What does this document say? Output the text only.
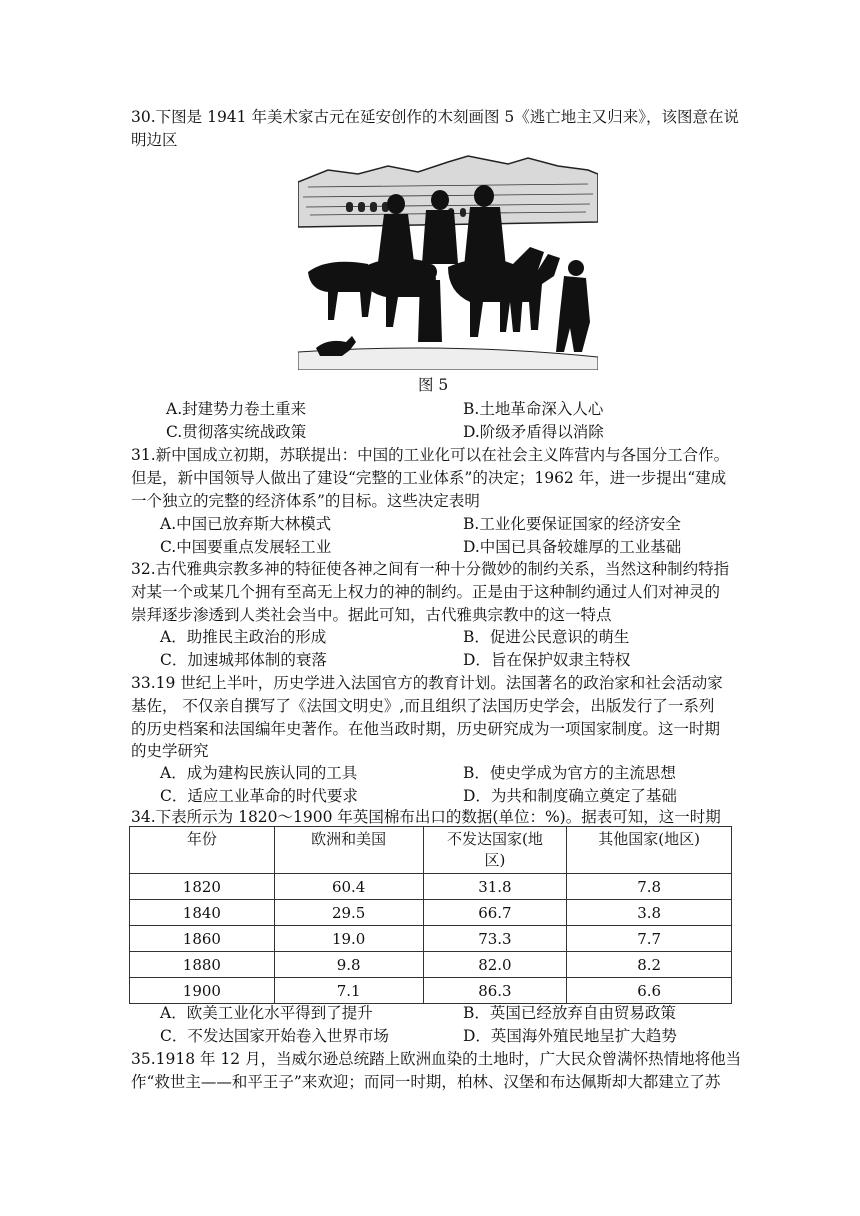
30.下图是 1941 年美术家古元在延安创作的木刻画图 5《逃亡地主又归来》，该图意在说
明边区
图 5
A.封建势力卷土重来	B.土地革命深入人心
C.贯彻落实统战政策	D.阶级矛盾得以消除
31.新中国成立初期，苏联提出：中国的工业化可以在社会主义阵营内与各国分工合作。
但是，新中国领导人做出了建设“完整的工业体系”的决定；1962 年，进一步提出“建成
一个独立的完整的经济体系”的目标。这些决定表明
A.中国已放弃斯大林模式	B.工业化要保证国家的经济安全
C.中国要重点发展轻工业	D.中国已具备较雄厚的工业基础
32.古代雅典宗教多神的特征使各神之间有一种十分微妙的制约关系，当然这种制约特指
对某一个或某几个拥有至高无上权力的神的制约。正是由于这种制约通过人们对神灵的
崇拜逐步渗透到人类社会当中。据此可知，古代雅典宗教中的这一特点
A．助推民主政治的形成	B．促进公民意识的萌生
C．加速城邦体制的衰落	D．旨在保护奴隶主特权
33.19 世纪上半叶，历史学进入法国官方的教育计划。法国著名的政治家和社会活动家
基佐， 不仅亲自撰写了《法国文明史》,而且组织了法国历史学会，出版发行了一系列
的历史档案和法国编年史著作。在他当政时期，历史研究成为一项国家制度。这一时期
的史学研究
A．成为建构民族认同的工具	B．使史学成为官方的主流思想
C．适应工业革命的时代要求	D．为共和制度确立奠定了基础
34.下表所示为 1820～1900 年英国棉布出口的数据(单位：%)。据表可知，这一时期
年份	欧洲和美国	不发达国家(地
区)	其他国家(地区)
1820	60.4	31.8	7.8
1840	29.5	66.7	3.8
1860	19.0	73.3	7.7
1880	9.8	82.0	8.2
1900	7.1	86.3	6.6
A．欧美工业化水平得到了提升	B．英国已经放弃自由贸易政策
C．不发达国家开始卷入世界市场	D．英国海外殖民地呈扩大趋势
35.1918 年 12 月，当威尔逊总统踏上欧洲血染的土地时，广大民众曾满怀热情地将他当
作“救世主——和平王子”来欢迎；而同一时期，柏林、汉堡和布达佩斯却大都建立了苏
